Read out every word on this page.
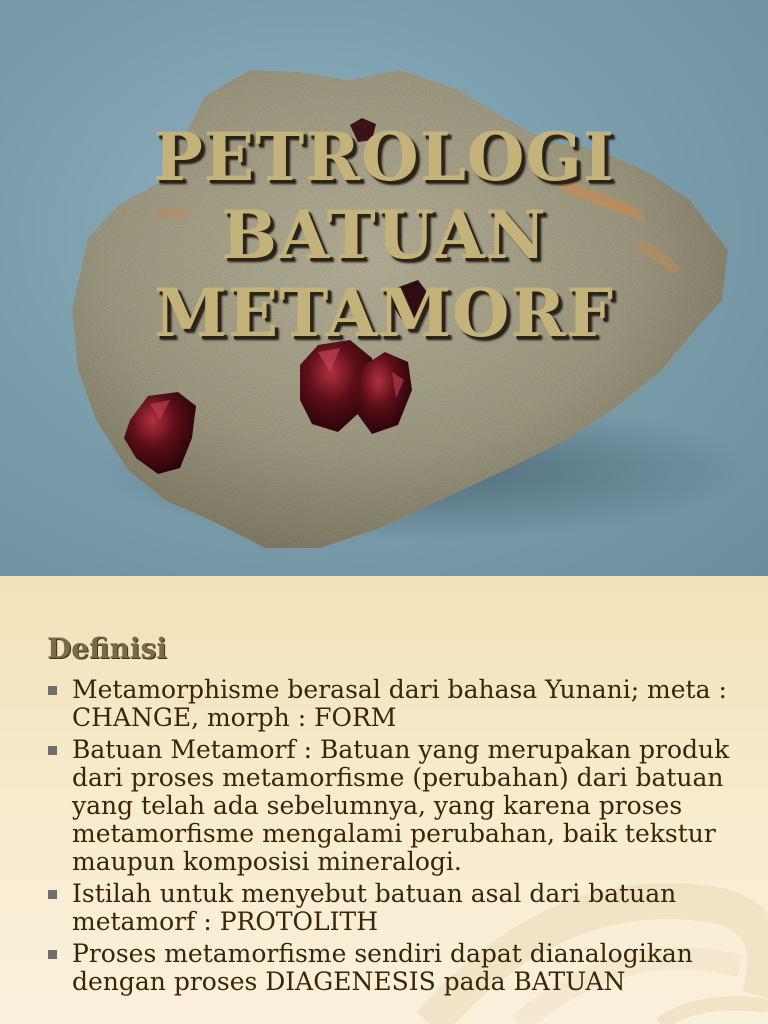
PETROLOGI
BATUAN
METAMORF
Definisi
Metamorphisme berasal dari bahasa Yunani; meta : CHANGE, morph : FORM
Batuan Metamorf : Batuan yang merupakan produk dari proses metamorfisme (perubahan) dari batuan yang telah ada sebelumnya, yang karena proses metamorfisme mengalami perubahan, baik tekstur maupun komposisi mineralogi.
Istilah untuk menyebut batuan asal dari batuan metamorf : PROTOLITH
Proses metamorfisme sendiri dapat dianalogikan dengan proses DIAGENESIS pada BATUAN
